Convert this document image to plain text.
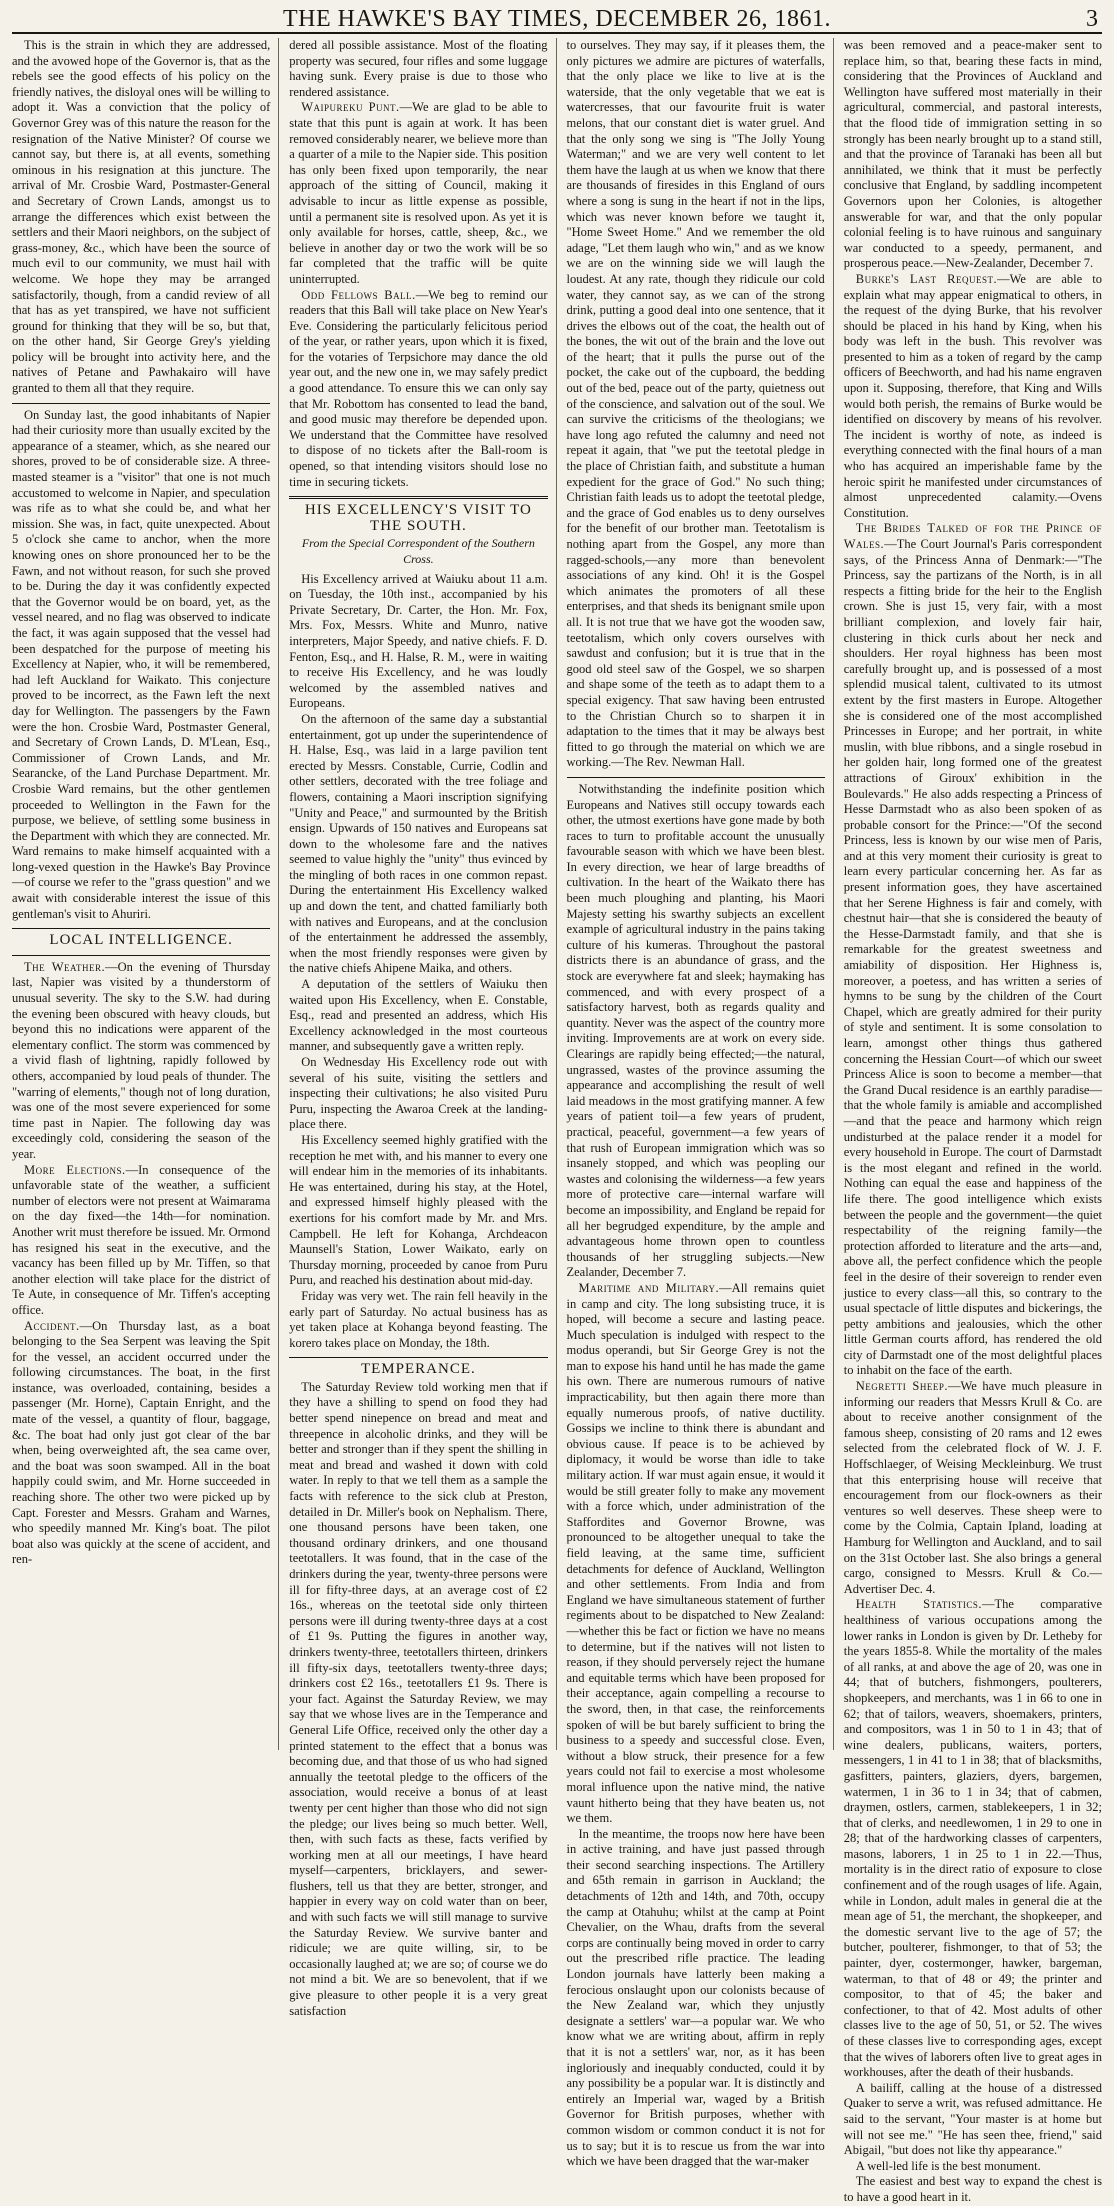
THE HAWKE'S BAY TIMES, DECEMBER 26, 1861.	3

This is the strain in which they are addressed, and the avowed hope of the Governor is, that as the rebels see the good effects of his policy on the friendly natives, the disloyal ones will be willing to adopt it. Was a conviction that the policy of Governor Grey was of this nature the reason for the resignation of the Native Minister? Of course we cannot say, but there is, at all events, something ominous in his resignation at this juncture. The arrival of Mr. Crosbie Ward, Postmaster-General and Secretary of Crown Lands, amongst us to arrange the differences which exist between the settlers and their Maori neighbors, on the subject of grass-money, &c., which have been the source of much evil to our community, we must hail with welcome. We hope they may be arranged satisfactorily, though, from a candid review of all that has as yet transpired, we have not sufficient ground for thinking that they will be so, but that, on the other hand, Sir George Grey's yielding policy will be brought into activity here, and the natives of Petane and Pawhakairo will have granted to them all that they require.

On Sunday last, the good inhabitants of Napier had their curiosity more than usually excited by the appearance of a steamer, which, as she neared our shores, proved to be of considerable size. A three-masted steamer is a "visitor" that one is not much accustomed to welcome in Napier, and speculation was rife as to what she could be, and what her mission. She was, in fact, quite unexpected. About 5 o'clock she came to anchor, when the more knowing ones on shore pronounced her to be the Fawn, and not without reason, for such she proved to be. During the day it was confidently expected that the Governor would be on board, yet, as the vessel neared, and no flag was observed to indicate the fact, it was again supposed that the vessel had been despatched for the purpose of meeting his Excellency at Napier, who, it will be remembered, had left Auckland for Waikato. This conjecture proved to be incorrect, as the Fawn left the next day for Wellington. The passengers by the Fawn were the hon. Crosbie Ward, Postmaster General, and Secretary of Crown Lands, D. M'Lean, Esq., Commissioner of Crown Lands, and Mr. Searancke, of the Land Purchase Department. Mr. Crosbie Ward remains, but the other gentlemen proceeded to Wellington in the Fawn for the purpose, we believe, of settling some business in the Department with which they are connected. Mr. Ward remains to make himself acquainted with a long-vexed question in the Hawke's Bay Province—of course we refer to the "grass question" and we await with considerable interest the issue of this gentleman's visit to Ahuriri.

LOCAL INTELLIGENCE.

The Weather.—On the evening of Thursday last, Napier was visited by a thunderstorm of unusual severity. The sky to the S.W. had during the evening been obscured with heavy clouds, but beyond this no indications were apparent of the elementary conflict. The storm was commenced by a vivid flash of lightning, rapidly followed by others, accompanied by loud peals of thunder. The "warring of elements," though not of long duration, was one of the most severe experienced for some time past in Napier. The following day was exceedingly cold, considering the season of the year.

More Elections.—In consequence of the unfavorable state of the weather, a sufficient number of electors were not present at Waimarama on the day fixed—the 14th—for nomination. Another writ must therefore be issued. Mr. Ormond has resigned his seat in the executive, and the vacancy has been filled up by Mr. Tiffen, so that another election will take place for the district of Te Aute, in consequence of Mr. Tiffen's accepting office.

Accident.—On Thursday last, as a boat belonging to the Sea Serpent was leaving the Spit for the vessel, an accident occurred under the following circumstances. The boat, in the first instance, was overloaded, containing, besides a passenger (Mr. Horne), Captain Enright, and the mate of the vessel, a quantity of flour, baggage, &c. The boat had only just got clear of the bar when, being overweighted aft, the sea came over, and the boat was soon swamped. All in the boat happily could swim, and Mr. Horne succeeded in reaching shore. The other two were picked up by Capt. Forester and Messrs. Graham and Warnes, who speedily manned Mr. King's boat. The pilot boat also was quickly at the scene of accident, and ren-

dered all possible assistance. Most of the floating property was secured, four rifles and some luggage having sunk. Every praise is due to those who rendered assistance.

Waipureku Punt.—We are glad to be able to state that this punt is again at work. It has been removed considerably nearer, we believe more than a quarter of a mile to the Napier side. This position has only been fixed upon temporarily, the near approach of the sitting of Council, making it advisable to incur as little expense as possible, until a permanent site is resolved upon. As yet it is only available for horses, cattle, sheep, &c., we believe in another day or two the work will be so far completed that the traffic will be quite uninterrupted.

Odd Fellows Ball.—We beg to remind our readers that this Ball will take place on New Year's Eve. Considering the particularly felicitous period of the year, or rather years, upon which it is fixed, for the votaries of Terpsichore may dance the old year out, and the new one in, we may safely predict a good attendance. To ensure this we can only say that Mr. Robottom has consented to lead the band, and good music may therefore be depended upon. We understand that the Committee have resolved to dispose of no tickets after the Ball-room is opened, so that intending visitors should lose no time in securing tickets.

HIS EXCELLENCY'S VISIT TO THE SOUTH.
From the Special Correspondent of the Southern Cross.

His Excellency arrived at Waiuku about 11 a.m. on Tuesday, the 10th inst., accompanied by his Private Secretary, Dr. Carter, the Hon. Mr. Fox, Mrs. Fox, Messrs. White and Munro, native interpreters, Major Speedy, and native chiefs. F. D. Fenton, Esq., and H. Halse, R. M., were in waiting to receive His Excellency, and he was loudly welcomed by the assembled natives and Europeans.

On the afternoon of the same day a substantial entertainment, got up under the superintendence of H. Halse, Esq., was laid in a large pavilion tent erected by Messrs. Constable, Currie, Codlin and other settlers, decorated with the tree foliage and flowers, containing a Maori inscription signifying "Unity and Peace," and surmounted by the British ensign. Upwards of 150 natives and Europeans sat down to the wholesome fare and the natives seemed to value highly the "unity" thus evinced by the mingling of both races in one common repast. During the entertainment His Excellency walked up and down the tent, and chatted familiarly both with natives and Europeans, and at the conclusion of the entertainment he addressed the assembly, when the most friendly responses were given by the native chiefs Ahipene Maika, and others.

A deputation of the settlers of Waiuku then waited upon His Excellency, when E. Constable, Esq., read and presented an address, which His Excellency acknowledged in the most courteous manner, and subsequently gave a written reply.

On Wednesday His Excellency rode out with several of his suite, visiting the settlers and inspecting their cultivations; he also visited Puru Puru, inspecting the Awaroa Creek at the landing-place there.

His Excellency seemed highly gratified with the reception he met with, and his manner to every one will endear him in the memories of its inhabitants. He was entertained, during his stay, at the Hotel, and expressed himself highly pleased with the exertions for his comfort made by Mr. and Mrs. Campbell. He left for Kohanga, Archdeacon Maunsell's Station, Lower Waikato, early on Thursday morning, proceeded by canoe from Puru Puru, and reached his destination about mid-day.

Friday was very wet. The rain fell heavily in the early part of Saturday. No actual business has as yet taken place at Kohanga beyond feasting. The korero takes place on Monday, the 18th.

TEMPERANCE.

The Saturday Review told working men that if they have a shilling to spend on food they had better spend ninepence on bread and meat and threepence in alcoholic drinks, and they will be better and stronger than if they spent the shilling in meat and bread and washed it down with cold water. In reply to that we tell them as a sample the facts with reference to the sick club at Preston, detailed in Dr. Miller's book on Nephalism. There, one thousand persons have been taken, one thousand ordinary drinkers, and one thousand teetotallers. It was found, that in the case of the drinkers during the year, twenty-three persons were ill for fifty-three days, at an average cost of £2 16s., whereas on the teetotal side only thirteen persons were ill during twenty-three days at a cost of £1 9s. Putting the figures in another way, drinkers twenty-three, teetotallers thirteen, drinkers ill fifty-six days, teetotallers twenty-three days; drinkers cost £2 16s., teetotallers £1 9s. There is your fact. Against the Saturday Review, we may say that we whose lives are in the Temperance and General Life Office, received only the other day a printed statement to the effect that a bonus was becoming due, and that those of us who had signed annually the teetotal pledge to the officers of the association, would receive a bonus of at least twenty per cent higher than those who did not sign the pledge; our lives being so much better. Well, then, with such facts as these, facts verified by working men at all our meetings, I have heard myself—carpenters, bricklayers, and sewer-flushers, tell us that they are better, stronger, and happier in every way on cold water than on beer, and with such facts we will still manage to survive the Saturday Review. We survive banter and ridicule; we are quite willing, sir, to be occasionally laughed at; we are so; of course we do not mind a bit. We are so benevolent, that if we give pleasure to other people it is a very great satisfaction

to ourselves. They may say, if it pleases them, the only pictures we admire are pictures of waterfalls, that the only place we like to live at is the waterside, that the only vegetable that we eat is watercresses, that our favourite fruit is water melons, that our constant diet is water gruel. And that the only song we sing is "The Jolly Young Waterman;" and we are very well content to let them have the laugh at us when we know that there are thousands of firesides in this England of ours where a song is sung in the heart if not in the lips, which was never known before we taught it, "Home Sweet Home." And we remember the old adage, "Let them laugh who win," and as we know we are on the winning side we will laugh the loudest. At any rate, though they ridicule our cold water, they cannot say, as we can of the strong drink, putting a good deal into one sentence, that it drives the elbows out of the coat, the health out of the bones, the wit out of the brain and the love out of the heart; that it pulls the purse out of the pocket, the cake out of the cupboard, the bedding out of the bed, peace out of the party, quietness out of the conscience, and salvation out of the soul. We can survive the criticisms of the theologians; we have long ago refuted the calumny and need not repeat it again, that "we put the teetotal pledge in the place of Christian faith, and substitute a human expedient for the grace of God." No such thing; Christian faith leads us to adopt the teetotal pledge, and the grace of God enables us to deny ourselves for the benefit of our brother man. Teetotalism is nothing apart from the Gospel, any more than ragged-schools,—any more than benevolent associations of any kind. Oh! it is the Gospel which animates the promoters of all these enterprises, and that sheds its benignant smile upon all. It is not true that we have got the wooden saw, teetotalism, which only covers ourselves with sawdust and confusion; but it is true that in the good old steel saw of the Gospel, we so sharpen and shape some of the teeth as to adapt them to a special exigency. That saw having been entrusted to the Christian Church so to sharpen it in adaptation to the times that it may be always best fitted to go through the material on which we are working.—The Rev. Newman Hall.

Notwithstanding the indefinite position which Europeans and Natives still occupy towards each other, the utmost exertions have gone made by both races to turn to profitable account the unusually favourable season with which we have been blest. In every direction, we hear of large breadths of cultivation. In the heart of the Waikato there has been much ploughing and planting, his Maori Majesty setting his swarthy subjects an excellent example of agricultural industry in the pains taking culture of his kumeras. Throughout the pastoral districts there is an abundance of grass, and the stock are everywhere fat and sleek; haymaking has commenced, and with every prospect of a satisfactory harvest, both as regards quality and quantity. Never was the aspect of the country more inviting. Improvements are at work on every side. Clearings are rapidly being effected;—the natural, ungrassed, wastes of the province assuming the appearance and accomplishing the result of well laid meadows in the most gratifying manner. A few years of patient toil—a few years of prudent, practical, peaceful, government—a few years of that rush of European immigration which was so insanely stopped, and which was peopling our wastes and colonising the wilderness—a few years more of protective care—internal warfare will become an impossibility, and England be repaid for all her begrudged expenditure, by the ample and advantageous home thrown open to countless thousands of her struggling subjects.—New Zealander, December 7.

Maritime and Military.—All remains quiet in camp and city. The long subsisting truce, it is hoped, will become a secure and lasting peace. Much speculation is indulged with respect to the modus operandi, but Sir George Grey is not the man to expose his hand until he has made the game his own. There are numerous rumours of native impracticability, but then again there more than equally numerous proofs, of native ductility. Gossips we incline to think there is abundant and obvious cause. If peace is to be achieved by diplomacy, it would be worse than idle to take military action. If war must again ensue, it would it would be still greater folly to make any movement with a force which, under administration of the Staffordites and Governor Browne, was pronounced to be altogether unequal to take the field leaving, at the same time, sufficient detachments for defence of Auckland, Wellington and other settlements. From India and from England we have simultaneous statement of further regiments about to be dispatched to New Zealand:—whether this be fact or fiction we have no means to determine, but if the natives will not listen to reason, if they should perversely reject the humane and equitable terms which have been proposed for their acceptance, again compelling a recourse to the sword, then, in that case, the reinforcements spoken of will be but barely sufficient to bring the business to a speedy and successful close. Even, without a blow struck, their presence for a few years could not fail to exercise a most wholesome moral influence upon the native mind, the native vaunt hitherto being that they have beaten us, not we them.

In the meantime, the troops now here have been in active training, and have just passed through their second searching inspections. The Artillery and 65th remain in garrison in Auckland; the detachments of 12th and 14th, and 70th, occupy the camp at Otahuhu; whilst at the camp at Point Chevalier, on the Whau, drafts from the several corps are continually being moved in order to carry out the prescribed rifle practice. The leading London journals have latterly been making a ferocious onslaught upon our colonists because of the New Zealand war, which they unjustly designate a settlers' war—a popular war. We who know what we are writing about, affirm in reply that it is not a settlers' war, nor, as it has been ingloriously and inequably conducted, could it by any possibility be a popular war. It is distinctly and entirely an Imperial war, waged by a British Governor for British purposes, whether with common wisdom or common conduct it is not for us to say; but it is to rescue us from the war into which we have been dragged that the war-maker

was been removed and a peace-maker sent to replace him, so that, bearing these facts in mind, considering that the Provinces of Auckland and Wellington have suffered most materially in their agricultural, commercial, and pastoral interests, that the flood tide of immigration setting in so strongly has been nearly brought up to a stand still, and that the province of Taranaki has been all but annihilated, we think that it must be perfectly conclusive that England, by saddling incompetent Governors upon her Colonies, is altogether answerable for war, and that the only popular colonial feeling is to have ruinous and sanguinary war conducted to a speedy, permanent, and prosperous peace.—New-Zealander, December 7.

Burke's Last Request.—We are able to explain what may appear enigmatical to others, in the request of the dying Burke, that his revolver should be placed in his hand by King, when his body was left in the bush. This revolver was presented to him as a token of regard by the camp officers of Beechworth, and had his name engraven upon it. Supposing, therefore, that King and Wills would both perish, the remains of Burke would be identified on discovery by means of his revolver. The incident is worthy of note, as indeed is everything connected with the final hours of a man who has acquired an imperishable fame by the heroic spirit he manifested under circumstances of almost unprecedented calamity.—Ovens Constitution.

The Brides Talked of for the Prince of Wales.—The Court Journal's Paris correspondent says, of the Princess Anna of Denmark:—"The Princess, say the partizans of the North, is in all respects a fitting bride for the heir to the English crown. She is just 15, very fair, with a most brilliant complexion, and lovely fair hair, clustering in thick curls about her neck and shoulders. Her royal highness has been most carefully brought up, and is possessed of a most splendid musical talent, cultivated to its utmost extent by the first masters in Europe. Altogether she is considered one of the most accomplished Princesses in Europe; and her portrait, in white muslin, with blue ribbons, and a single rosebud in her golden hair, long formed one of the greatest attractions of Giroux' exhibition in the Boulevards." He also adds respecting a Princess of Hesse Darmstadt who as also been spoken of as probable consort for the Prince:—"Of the second Princess, less is known by our wise men of Paris, and at this very moment their curiosity is great to learn every particular concerning her. As far as present information goes, they have ascertained that her Serene Highness is fair and comely, with chestnut hair—that she is considered the beauty of the Hesse-Darmstadt family, and that she is remarkable for the greatest sweetness and amiability of disposition. Her Highness is, moreover, a poetess, and has written a series of hymns to be sung by the children of the Court Chapel, which are greatly admired for their purity of style and sentiment. It is some consolation to learn, amongst other things thus gathered concerning the Hessian Court—of which our sweet Princess Alice is soon to become a member—that the Grand Ducal residence is an earthly paradise—that the whole family is amiable and accomplished—and that the peace and harmony which reign undisturbed at the palace render it a model for every household in Europe. The court of Darmstadt is the most elegant and refined in the world. Nothing can equal the ease and happiness of the life there. The good intelligence which exists between the people and the government—the quiet respectability of the reigning family—the protection afforded to literature and the arts—and, above all, the perfect confidence which the people feel in the desire of their sovereign to render even justice to every class—all this, so contrary to the usual spectacle of little disputes and bickerings, the petty ambitions and jealousies, which the other little German courts afford, has rendered the old city of Darmstadt one of the most delightful places to inhabit on the face of the earth.

Negretti Sheep.—We have much pleasure in informing our readers that Messrs Krull & Co. are about to receive another consignment of the famous sheep, consisting of 20 rams and 12 ewes selected from the celebrated flock of W. J. F. Hoffschlaeger, of Weising Meckleinburg. We trust that this enterprising house will receive that encouragement from our flock-owners as their ventures so well deserves. These sheep were to come by the Colmia, Captain Ipland, loading at Hamburg for Wellington and Auckland, and to sail on the 31st October last. She also brings a general cargo, consigned to Messrs. Krull & Co.—Advertiser Dec. 4.

Health Statistics.—The comparative healthiness of various occupations among the lower ranks in London is given by Dr. Letheby for the years 1855-8. While the mortality of the males of all ranks, at and above the age of 20, was one in 44; that of butchers, fishmongers, poulterers, shopkeepers, and merchants, was 1 in 66 to one in 62; that of tailors, weavers, shoemakers, printers, and compositors, was 1 in 50 to 1 in 43; that of wine dealers, publicans, waiters, porters, messengers, 1 in 41 to 1 in 38; that of blacksmiths, gasfitters, painters, glaziers, dyers, bargemen, watermen, 1 in 36 to 1 in 34; that of cabmen, draymen, ostlers, carmen, stablekeepers, 1 in 32; that of clerks, and needlewomen, 1 in 29 to one in 28; that of the hardworking classes of carpenters, masons, laborers, 1 in 25 to 1 in 22.—Thus, mortality is in the direct ratio of exposure to close confinement and of the rough usages of life. Again, while in London, adult males in general die at the mean age of 51, the merchant, the shopkeeper, and the domestic servant live to the age of 57; the butcher, poulterer, fishmonger, to that of 53; the painter, dyer, costermonger, hawker, bargeman, waterman, to that of 48 or 49; the printer and compositor, to that of 45; the baker and confectioner, to that of 42. Most adults of other classes live to the age of 50, 51, or 52. The wives of these classes live to corresponding ages, except that the wives of laborers often live to great ages in workhouses, after the death of their husbands.

A bailiff, calling at the house of a distressed Quaker to serve a writ, was refused admittance. He said to the servant, "Your master is at home but will not see me." "He has seen thee, friend," said Abigail, "but does not like thy appearance."

A well-led life is the best monument.

The easiest and best way to expand the chest is to have a good heart in it.
